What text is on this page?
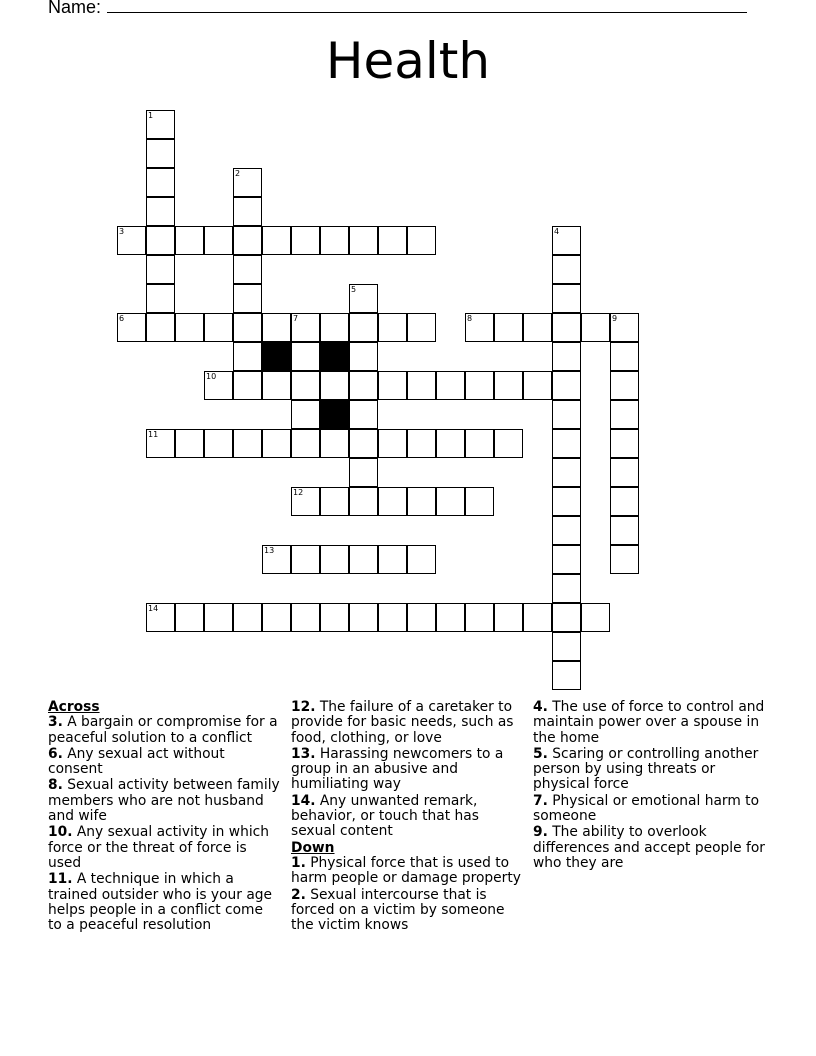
Name:
Health
1
2
3	4
5
6	7	8	9
10
11
12
13
14
Across
3. A bargain or compromise for a peaceful solution to a conflict
6. Any sexual act without consent
8. Sexual activity between family members who are not husband and wife
10. Any sexual activity in which force or the threat of force is used
11. A technique in which a trained outsider who is your age helps people in a conflict come to a peaceful resolution
12. The failure of a caretaker to provide for basic needs, such as food, clothing, or love
13. Harassing newcomers to a group in an abusive and humiliating way
14. Any unwanted remark, behavior, or touch that has sexual content
Down
1. Physical force that is used to harm people or damage property
2. Sexual intercourse that is forced on a victim by someone the victim knows
4. The use of force to control and maintain power over a spouse in the home
5. Scaring or controlling another person by using threats or physical force
7. Physical or emotional harm to someone
9. The ability to overlook differences and accept people for who they are
